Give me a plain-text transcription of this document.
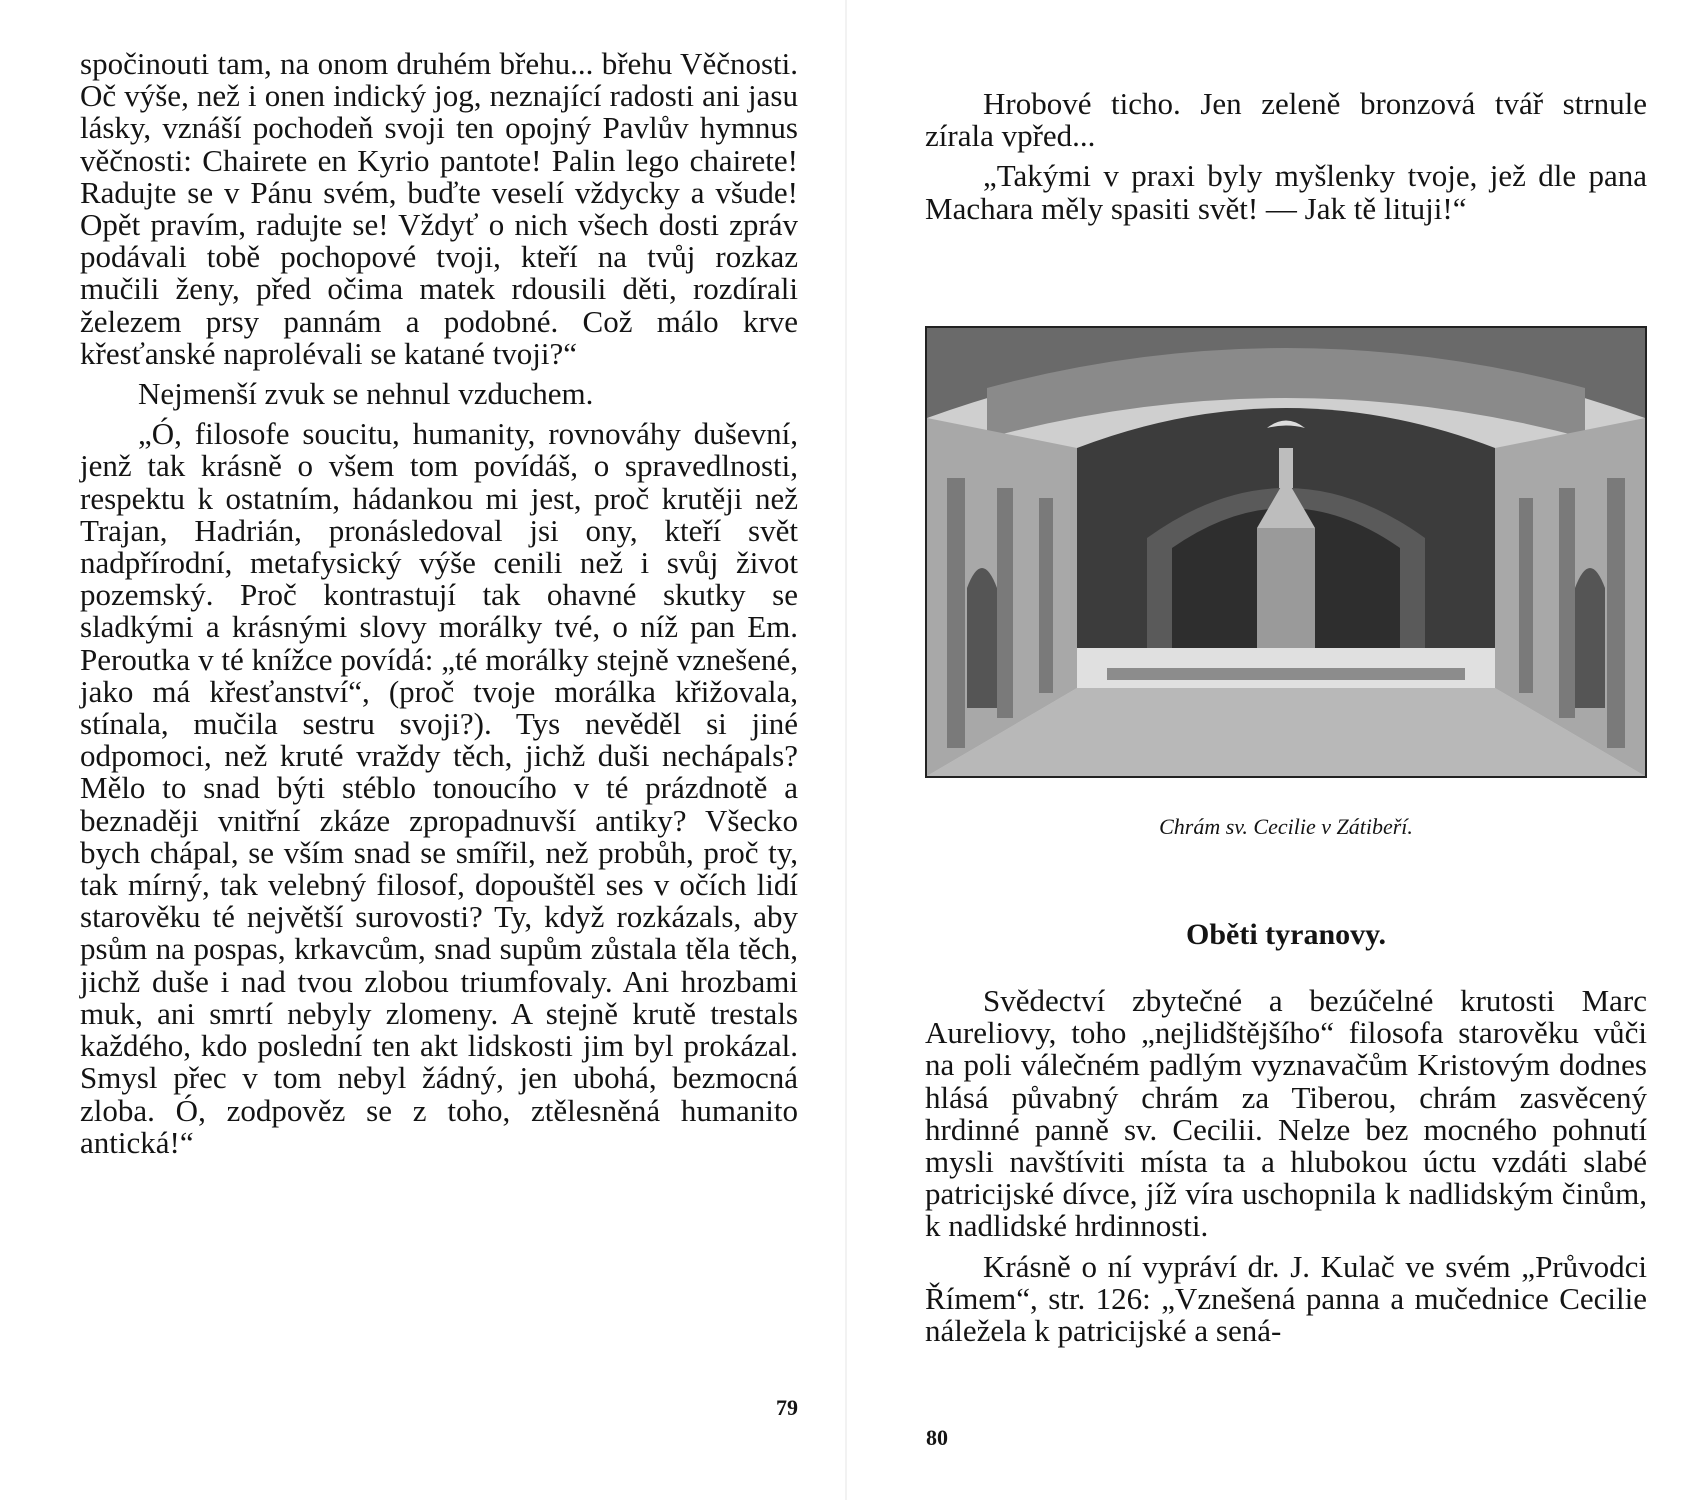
spočinouti tam, na onom druhém břehu... břehu Věčnosti. Oč výše, než i onen indický jog, neznající radosti ani jasu lásky, vznáší pochodeň svoji ten opojný Pavlův hymnus věčnosti: Chairete en Kyrio pantote! Palin lego chairete! Radujte se v Pánu svém, buďte veselí vždycky a všude! Opět pravím, radujte se! Vždyť o nich všech dosti zpráv podávali tobě pochopové tvoji, kteří na tvůj rozkaz mučili ženy, před očima matek rdousili děti, rozdírali železem prsy pannám a podobné. Což málo krve křesťanské naprolévali se katané tvoji?“

Nejmenší zvuk se nehnul vzduchem.

„Ó, filosofe soucitu, humanity, rovnováhy duševní, jenž tak krásně o všem tom povídáš, o spravedlnosti, respektu k ostatním, hádankou mi jest, proč krutěji než Trajan, Hadrián, pronásledoval jsi ony, kteří svět nadpřírodní, metafysický výše cenili než i svůj život pozemský. Proč kontrastují tak ohavné skutky se sladkými a krásnými slovy morálky tvé, o níž pan Em. Peroutka v té knížce povídá: „té morálky stejně vznešené, jako má křesťanství“, (proč tvoje morálka křižovala, stínala, mučila sestru svoji?). Tys nevěděl si jiné odpomoci, než kruté vraždy těch, jichž duši nechápals? Mělo to snad býti stéblo tonoucího v té prázdnotě a beznaději vnitřní zkáze zpropadnuvší antiky? Všecko bych chápal, se vším snad se smířil, než probůh, proč ty, tak mírný, tak velebný filosof, dopouštěl ses v očích lidí starověku té největší surovosti? Ty, když rozkázals, aby psům na pospas, krkavcům, snad supům zůstala těla těch, jichž duše i nad tvou zlobou triumfovaly. Ani hrozbami muk, ani smrtí nebyly zlomeny. A stejně krutě trestals každého, kdo poslední ten akt lidskosti jim byl prokázal. Smysl přec v tom nebyl žádný, jen ubohá, bezmocná zloba. Ó, zodpověz se z toho, ztělesněná humanito antická!“

79

Hrobové ticho. Jen zeleně bronzová tvář strnule zírala vpřed...

„Takými v praxi byly myšlenky tvoje, jež dle pana Machara měly spasiti svět! — Jak tě lituji!“

Chrám sv. Cecilie v Zátibeří.
Oběti tyranovy.

Svědectví zbytečné a bezúčelné krutosti Marc Aureliovy, toho „nejlidštějšího“ filosofa starověku vůči na poli válečném padlým vyznavačům Kristovým dodnes hlásá půvabný chrám za Tiberou, chrám zasvěcený hrdinné panně sv. Cecilii. Nelze bez mocného pohnutí mysli navštíviti místa ta a hlubokou úctu vzdáti slabé patricijské dívce, jíž víra uschopnila k nadlidským činům, k nadlidské hrdinnosti.

Krásně o ní vypráví dr. J. Kulač ve svém „Průvodci Římem“, str. 126: „Vznešená panna a mučednice Cecilie náležela k patricijské a sená-

80
